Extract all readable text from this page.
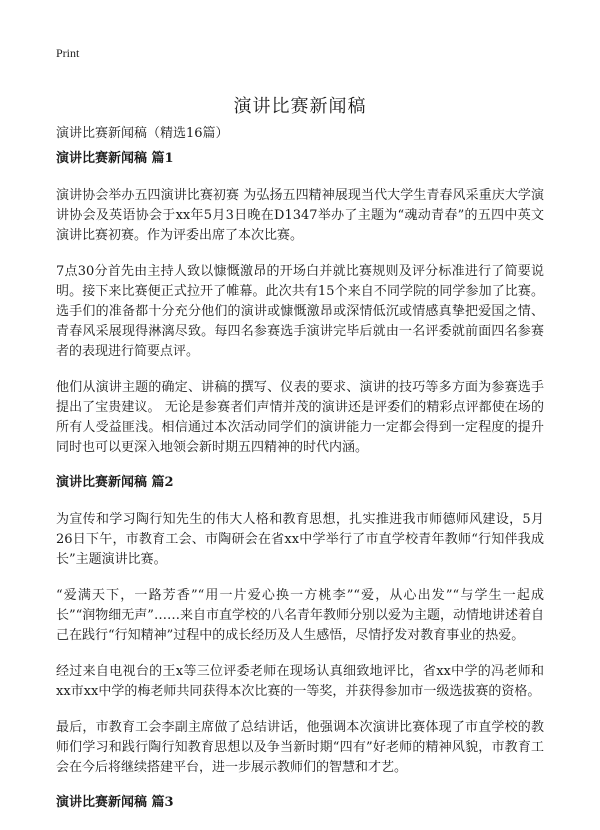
Print
演讲比赛新闻稿
演讲比赛新闻稿（精选16篇）
演讲比赛新闻稿 篇1

演讲协会举办五四演讲比赛初赛 为弘扬五四精神展现当代大学生青春风采重庆大学演讲协会及英语协会于xx年5月3日晚在D1347举办了主题为“魂动青春”的五四中英文演讲比赛初赛。作为评委出席了本次比赛。

7点30分首先由主持人致以慷慨激昂的开场白并就比赛规则及评分标准进行了简要说明。接下来比赛便正式拉开了帷幕。此次共有15个来自不同学院的同学参加了比赛。选手们的准备都十分充分他们的演讲或慷慨激昂或深情低沉或情感真挚把爱国之情、青春风采展现得淋漓尽致。每四名参赛选手演讲完毕后就由一名评委就前面四名参赛者的表现进行简要点评。

他们从演讲主题的确定、讲稿的撰写、仪表的要求、演讲的技巧等多方面为参赛选手提出了宝贵建议。 无论是参赛者们声情并茂的演讲还是评委们的精彩点评都使在场的所有人受益匪浅。相信通过本次活动同学们的演讲能力一定都会得到一定程度的提升同时也可以更深入地领会新时期五四精神的时代内涵。

演讲比赛新闻稿 篇2

为宣传和学习陶行知先生的伟大人格和教育思想，扎实推进我市师德师风建设，5月26日下午，市教育工会、市陶研会在省xx中学举行了市直学校青年教师“行知伴我成长”主题演讲比赛。

“爱满天下，一路芳香”“用一片爱心换一方桃李”“爱，从心出发”“与学生一起成长”“润物细无声”……来自市直学校的八名青年教师分别以爱为主题，动情地讲述着自己在践行“行知精神”过程中的成长经历及人生感悟，尽情抒发对教育事业的热爱。

经过来自电视台的王x等三位评委老师在现场认真细致地评比，省xx中学的冯老师和xx市xx中学的梅老师共同获得本次比赛的一等奖，并获得参加市一级选拔赛的资格。

最后，市教育工会李副主席做了总结讲话，他强调本次演讲比赛体现了市直学校的教师们学习和践行陶行知教育思想以及争当新时期“四有”好老师的精神风貌，市教育工会在今后将继续搭建平台，进一步展示教师们的智慧和才艺。

演讲比赛新闻稿 篇3
